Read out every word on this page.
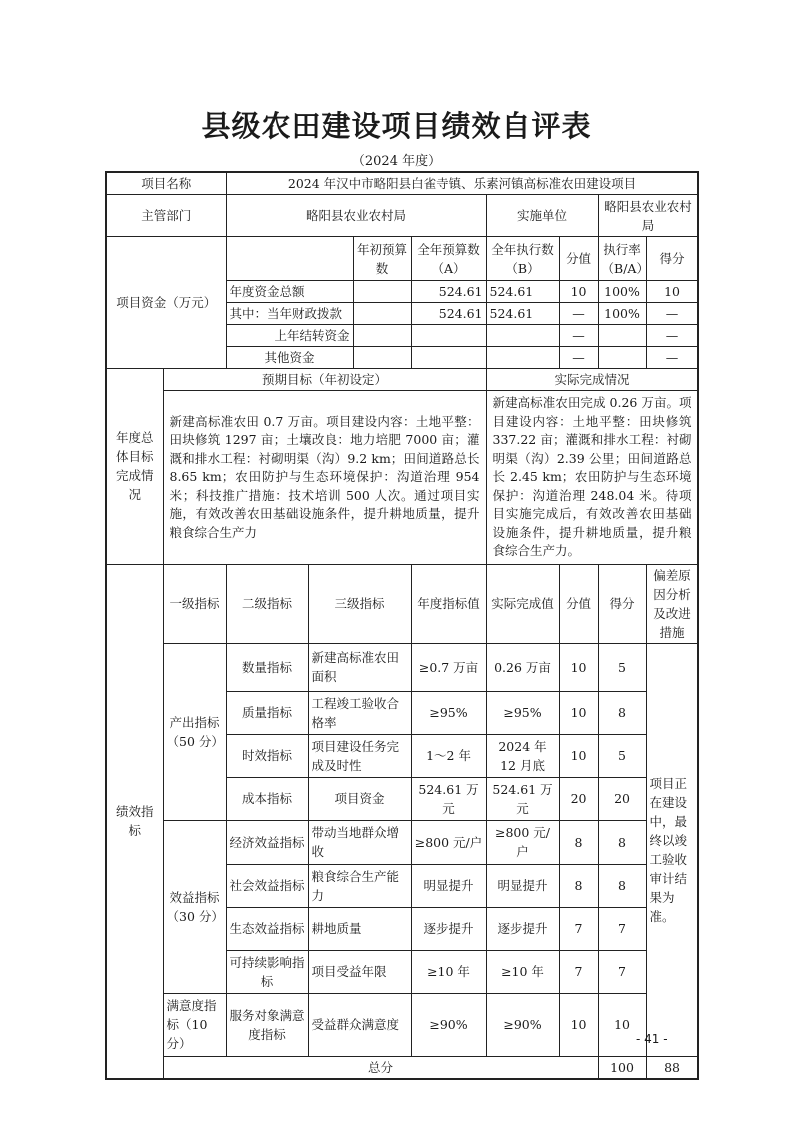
县级农田建设项目绩效自评表
（2024 年度）
项目名称		2024 年汉中市略阳县白雀寺镇、乐素河镇高标准农田建设项目								
主管部门		略阳县农业农村局				实施单位		略阳县农业农村局		
项目资金（万元）				年初预算数	全年预算数（A）	全年执行数（B）	分值	执行率（B/A）	得分	
		年度资金总额			524.61	524.61	10	100%	10	
		其中：当年财政拨款			524.61	524.61	—	100%	—	
		上年结转资金					—		—	
		其他资金					—		—	
年度总体目标完成情况	预期目标（年初设定）					实际完成情况				
	新建高标准农田 0.7 万亩。项目建设内容：土地平整：田块修筑 1297 亩；土壤改良：地力培肥 7000 亩；灌溉和排水工程：衬砌明渠（沟）9.2 km；田间道路总长 8.65 km；农田防护与生态环境保护：沟道治理 954 米；科技推广措施：技术培训 500 人次。通过项目实施，有效改善农田基础设施条件，提升耕地质量，提升粮食综合生产力					新建高标准农田完成 0.26 万亩。项目建设内容：土地平整：田块修筑 337.22 亩；灌溉和排水工程：衬砌明渠（沟）2.39 公里；田间道路总长 2.45 km；农田防护与生态环境保护：沟道治理 248.04 米。待项目实施完成后，有效改善农田基础设施条件，提升耕地质量，提升粮食综合生产力。				
绩效指标	一级指标	二级指标	三级指标		年度指标值	实际完成值	分值	得分	偏差原因分析及改进措施	
	产出指标（50 分）	数量指标	新建高标准农田面积		≥0.7 万亩	0.26 万亩	10	5	项目正在建设中，最终以竣工验收审计结果为准。	
		质量指标	工程竣工验收合格率		≥95%	≥95%	10	8		
		时效指标	项目建设任务完成及时性		1～2 年	2024 年 12 月底	10	5		
		成本指标	项目资金		524.61 万元	524.61 万元	20	20		
	效益指标（30 分）	经济效益指标	带动当地群众增收		≥800 元/户	≥800 元/户	8	8		
		社会效益指标	粮食综合生产能力		明显提升	明显提升	8	8		
		生态效益指标	耕地质量		逐步提升	逐步提升	7	7		
		可持续影响指标	项目受益年限		≥10 年	≥10 年	7	7		
	满意度指标（10 分）	服务对象满意度指标	受益群众满意度		≥90%	≥90%	10	10		
	总分							100	88	
- 41 -
